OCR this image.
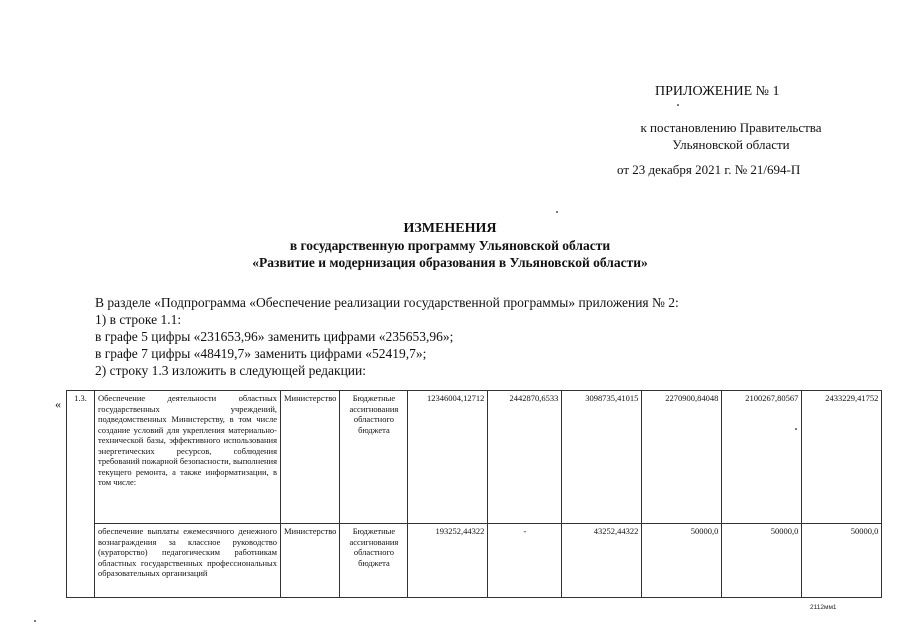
ПРИЛОЖЕНИЕ № 1
к постановлению Правительства
Ульяновской области
от 23 декабря 2021 г. № 21/694-П
ИЗМЕНЕНИЯ
в государственную программу Ульяновской области
«Развитие и модернизация образования в Ульяновской области»
В разделе «Подпрограмма «Обеспечение реализации государственной программы» приложения № 2:
1) в строке 1.1:
в графе 5 цифры «231653,96» заменить цифрами «235653,96»;
в графе 7 цифры «48419,7» заменить цифрами «52419,7»;
2) строку 1.3 изложить в следующей редакции:
« 1.3.	Обеспечение деятельности областных государственных учреждений, подведомственных Министерству, в том числе создание условий для укрепления материально-технической базы, эффективного использования энергетических ресурсов, соблюдения требований пожарной безопасности, выполнения текущего ремонта, а также информатизации, в том числе:	Министерство	Бюджетные ассигнования областного бюджета	12346004,12712	2442870,6533	3098735,41015	2270900,84048	2100267,80567	2433229,41752
	обеспечение выплаты ежемесячного денежного вознаграждения за классное руководство (кураторство) педагогическим работникам областных государственных профессиональных образовательных организаций	Министерство	Бюджетные ассигнования областного бюджета	193252,44322	-	43252,44322	50000,0	50000,0	50000,0
2112мм1
